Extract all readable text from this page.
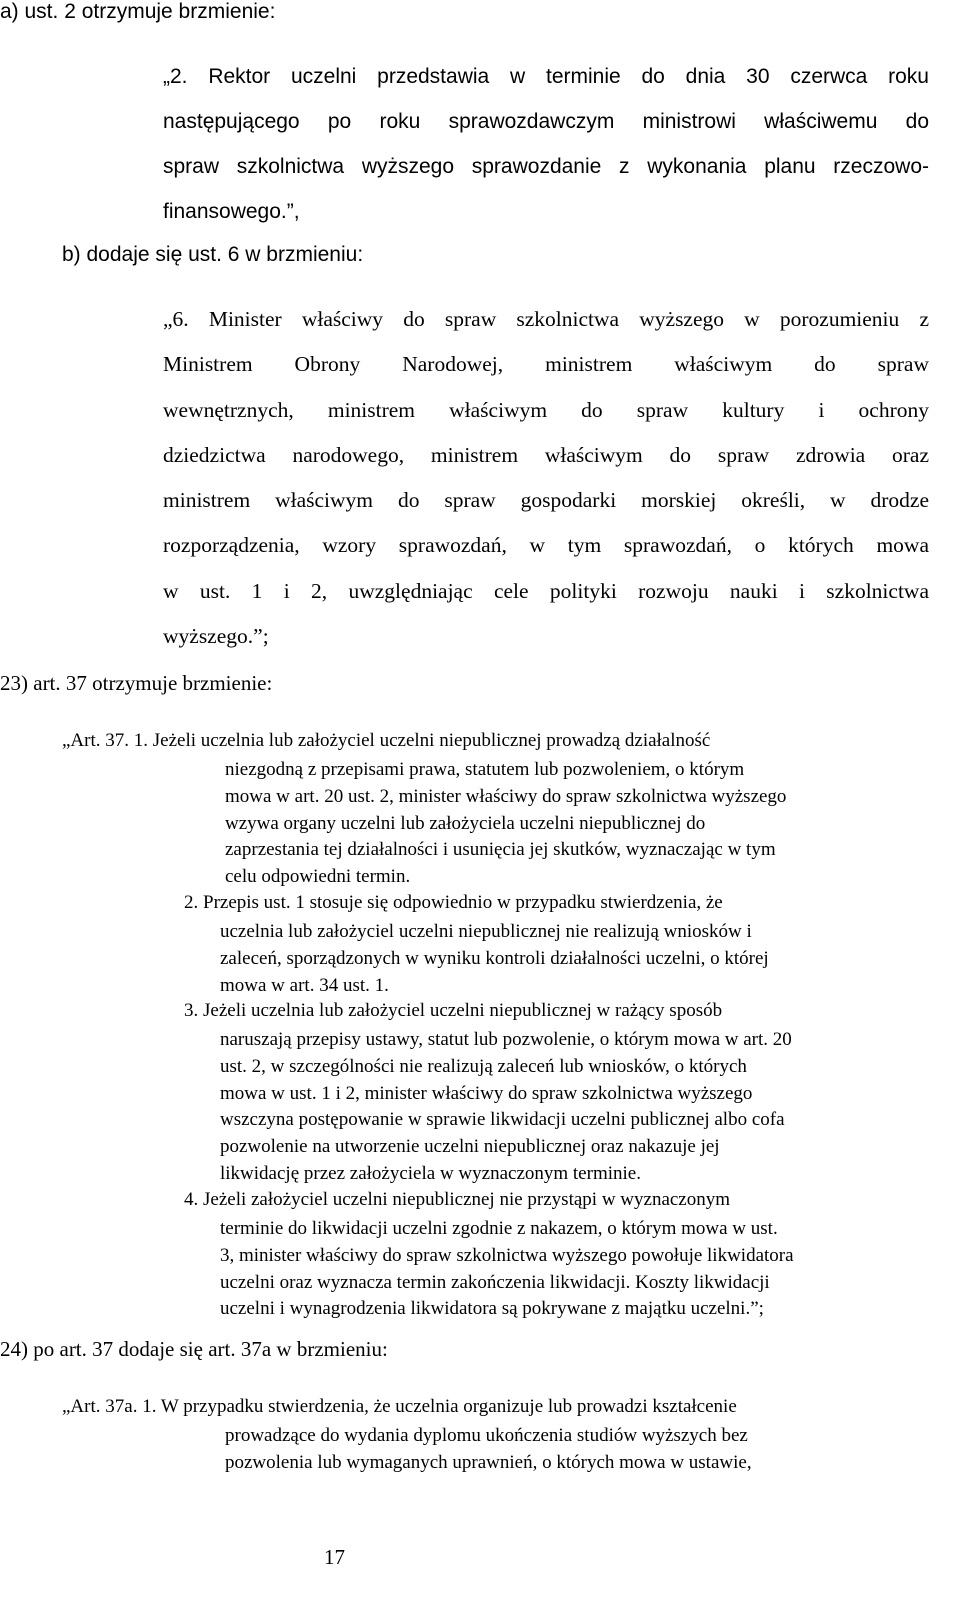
a) ust. 2 otrzymuje brzmienie:
„2. Rektor uczelni przedstawia w terminie do dnia 30 czerwca roku
następującego po roku sprawozdawczym ministrowi właściwemu do
spraw szkolnictwa wyższego sprawozdanie z wykonania planu rzeczowo-
finansowego.”,
b) dodaje się ust. 6 w brzmieniu:
„6. Minister właściwy do spraw szkolnictwa wyższego w porozumieniu z
Ministrem Obrony Narodowej, ministrem właściwym do spraw
wewnętrznych, ministrem właściwym do spraw kultury i ochrony
dziedzictwa narodowego, ministrem właściwym do spraw zdrowia oraz
ministrem właściwym do spraw gospodarki morskiej określi, w drodze
rozporządzenia, wzory sprawozdań, w tym sprawozdań, o których mowa
w ust. 1 i 2, uwzględniając cele polityki rozwoju nauki i szkolnictwa
wyższego.”;
23) art. 37 otrzymuje brzmienie:
„Art. 37. 1. Jeżeli uczelnia lub założyciel uczelni niepublicznej prowadzą działalność
niezgodną z przepisami prawa, statutem lub pozwoleniem, o którym
mowa w art. 20 ust. 2, minister właściwy do spraw szkolnictwa wyższego
wzywa organy uczelni lub założyciela uczelni niepublicznej do
zaprzestania tej działalności i usunięcia jej skutków, wyznaczając w tym
celu odpowiedni termin.
2. Przepis ust. 1 stosuje się odpowiednio w przypadku stwierdzenia, że
uczelnia lub założyciel uczelni niepublicznej nie realizują wniosków i
zaleceń, sporządzonych w wyniku kontroli działalności uczelni, o której
mowa w art. 34 ust. 1.
3. Jeżeli uczelnia lub założyciel uczelni niepublicznej w rażący sposób
naruszają przepisy ustawy, statut lub pozwolenie, o którym mowa w art. 20
ust. 2, w szczególności nie realizują zaleceń lub wniosków, o których
mowa w ust. 1 i 2, minister właściwy do spraw szkolnictwa wyższego
wszczyna postępowanie w sprawie likwidacji uczelni publicznej albo cofa
pozwolenie na utworzenie uczelni niepublicznej oraz nakazuje jej
likwidację przez założyciela w wyznaczonym terminie.
4. Jeżeli założyciel uczelni niepublicznej nie przystąpi w wyznaczonym
terminie do likwidacji uczelni zgodnie z nakazem, o którym mowa w ust.
3, minister właściwy do spraw szkolnictwa wyższego powołuje likwidatora
uczelni oraz wyznacza termin zakończenia likwidacji. Koszty likwidacji
uczelni i wynagrodzenia likwidatora są pokrywane z majątku uczelni.”;
24) po art. 37 dodaje się art. 37a w brzmieniu:
„Art. 37a. 1. W przypadku stwierdzenia, że uczelnia organizuje lub prowadzi kształcenie
prowadzące do wydania dyplomu ukończenia studiów wyższych bez
pozwolenia lub wymaganych uprawnień, o których mowa w ustawie,
17
